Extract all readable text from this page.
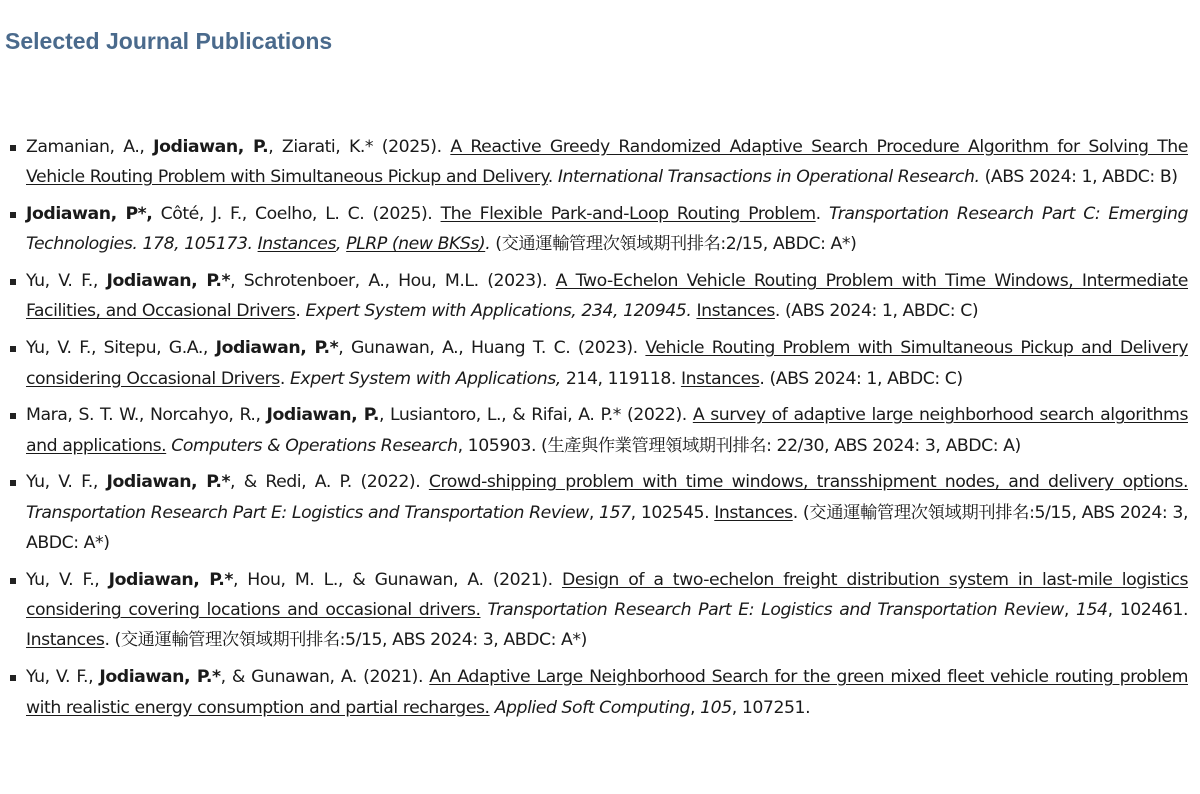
Selected Journal Publications
Zamanian, A., Jodiawan, P., Ziarati, K.* (2025). A Reactive Greedy Randomized Adaptive Search Procedure Algorithm for Solving The Vehicle Routing Problem with Simultaneous Pickup and Delivery. International Transactions in Operational Research. (ABS 2024: 1, ABDC: B)
Jodiawan, P*, Côté, J. F., Coelho, L. C. (2025). The Flexible Park-and-Loop Routing Problem. Transportation Research Part C: Emerging Technologies. 178, 105173. Instances, PLRP (new BKSs). (交通運輸管理次領域期刊排名:2/15, ABDC: A*)
Yu, V. F., Jodiawan, P.*, Schrotenboer, A., Hou, M.L. (2023). A Two-Echelon Vehicle Routing Problem with Time Windows, Intermediate Facilities, and Occasional Drivers. Expert System with Applications, 234, 120945. Instances. (ABS 2024: 1, ABDC: C)
Yu, V. F., Sitepu, G.A., Jodiawan, P.*, Gunawan, A., Huang T. C. (2023). Vehicle Routing Problem with Simultaneous Pickup and Delivery considering Occasional Drivers. Expert System with Applications, 214, 119118. Instances. (ABS 2024: 1, ABDC: C)
Mara, S. T. W., Norcahyo, R., Jodiawan, P., Lusiantoro, L., & Rifai, A. P.* (2022). A survey of adaptive large neighborhood search algorithms and applications. Computers & Operations Research, 105903. (生產與作業管理領域期刊排名: 22/30, ABS 2024: 3, ABDC: A)
Yu, V. F., Jodiawan, P.*, & Redi, A. P. (2022). Crowd-shipping problem with time windows, transshipment nodes, and delivery options. Transportation Research Part E: Logistics and Transportation Review, 157, 102545. Instances. (交通運輸管理次領域期刊排名:5/15, ABS 2024: 3, ABDC: A*)
Yu, V. F., Jodiawan, P.*, Hou, M. L., & Gunawan, A. (2021). Design of a two-echelon freight distribution system in last-mile logistics considering covering locations and occasional drivers. Transportation Research Part E: Logistics and Transportation Review, 154, 102461. Instances. (交通運輸管理次領域期刊排名:5/15, ABS 2024: 3, ABDC: A*)
Yu, V. F., Jodiawan, P.*, & Gunawan, A. (2021). An Adaptive Large Neighborhood Search for the green mixed fleet vehicle routing problem with realistic energy consumption and partial recharges. Applied Soft Computing, 105, 107251.
